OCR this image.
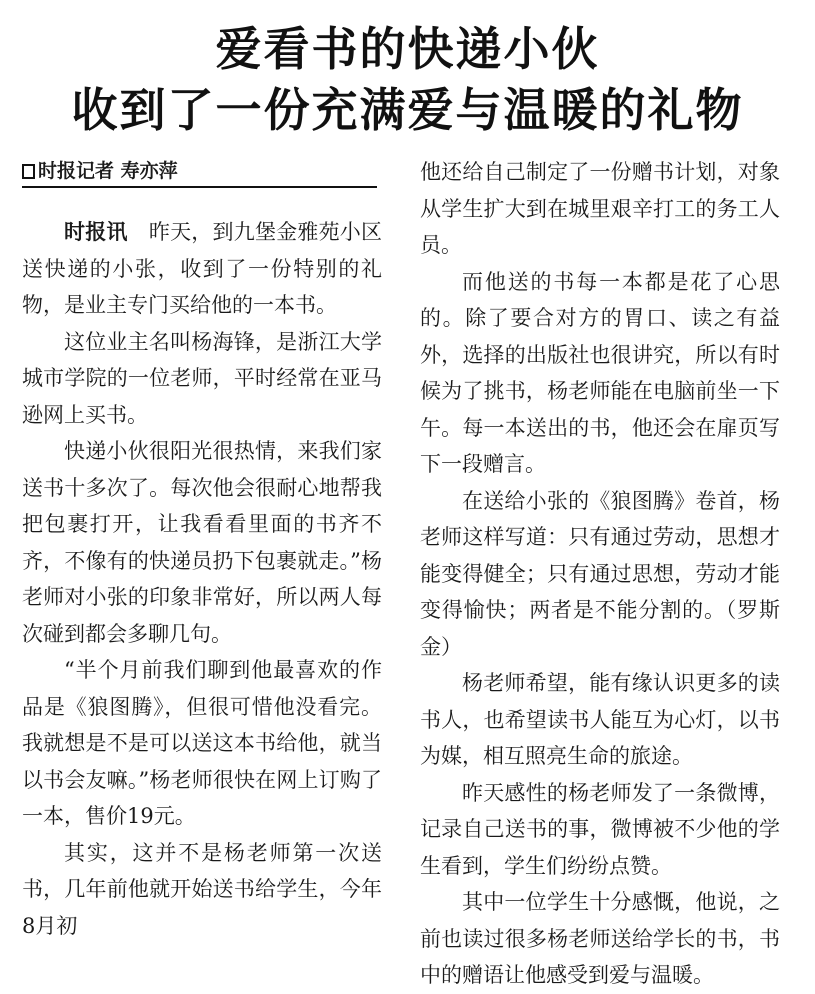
爱看书的快递小伙
收到了一份充满爱与温暖的礼物
时报记者 寿亦萍

时报讯　昨天，到九堡金雅苑小区送快递的小张，收到了一份特别的礼物，是业主专门买给他的一本书。

这位业主名叫杨海锋，是浙江大学城市学院的一位老师，平时经常在亚马逊网上买书。

快递小伙很阳光很热情，来我们家送书十多次了。每次他会很耐心地帮我把包裹打开，让我看看里面的书齐不齐，不像有的快递员扔下包裹就走。”杨老师对小张的印象非常好，所以两人每次碰到都会多聊几句。

“半个月前我们聊到他最喜欢的作品是《狼图腾》，但很可惜他没看完。我就想是不是可以送这本书给他，就当以书会友嘛。”杨老师很快在网上订购了一本，售价19元。

其实，这并不是杨老师第一次送书，几年前他就开始送书给学生，今年8月初

他还给自己制定了一份赠书计划，对象从学生扩大到在城里艰辛打工的务工人员。

而他送的书每一本都是花了心思的。除了要合对方的胃口、读之有益外，选择的出版社也很讲究，所以有时候为了挑书，杨老师能在电脑前坐一下午。每一本送出的书，他还会在扉页写下一段赠言。

在送给小张的《狼图腾》卷首，杨老师这样写道：只有通过劳动，思想才能变得健全；只有通过思想，劳动才能变得愉快；两者是不能分割的。（罗斯金）

杨老师希望，能有缘认识更多的读书人，也希望读书人能互为心灯，以书为媒，相互照亮生命的旅途。

昨天感性的杨老师发了一条微博，记录自己送书的事，微博被不少他的学生看到，学生们纷纷点赞。

其中一位学生十分感慨，他说，之前也读过很多杨老师送给学长的书，书中的赠语让他感受到爱与温暖。
